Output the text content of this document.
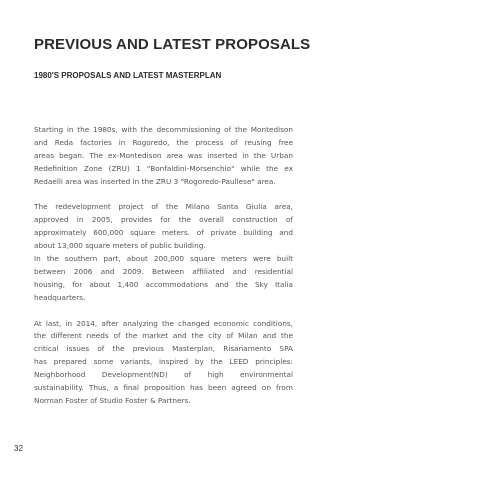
PREVIOUS AND LATEST PROPOSALS
1980'S PROPOSALS AND LATEST MASTERPLAN
Starting in the 1980s, with the decommissioning of the Montedison
and Reda factories in Rogoredo, the process of reusing free
areas began. The ex-Montedison area was inserted in the Urban
Redefinition Zone (ZRU) 1 "Bonfaldini-Morsenchio" while the ex
Redaelli area was inserted in the ZRU 3 "Rogoredo-Paullese" area.
The redevelopment project of the Milano Santa Giulia area,
approved in 2005, provides for the overall construction of
approximately 600,000 square meters. of private building and
about 13,000 square meters of public building.
In the southern part, about 200,000 square meters were built
between 2006 and 2009. Between affiliated and residential
housing, for about 1,400 accommodations and the Sky Italia
headquarters.
At last, in 2014, after analyzing the changed economic conditions,
the different needs of the market and the city of Milan and the
critical issues of the previous Masterplan, Risanamento SPA
has prepared some variants, inspired by the LEED principles:
Neighborhood Development(ND) of high environmental
sustainability. Thus, a final proposition has been agreed on from
Norman Foster of Studio Foster & Partners.
32
